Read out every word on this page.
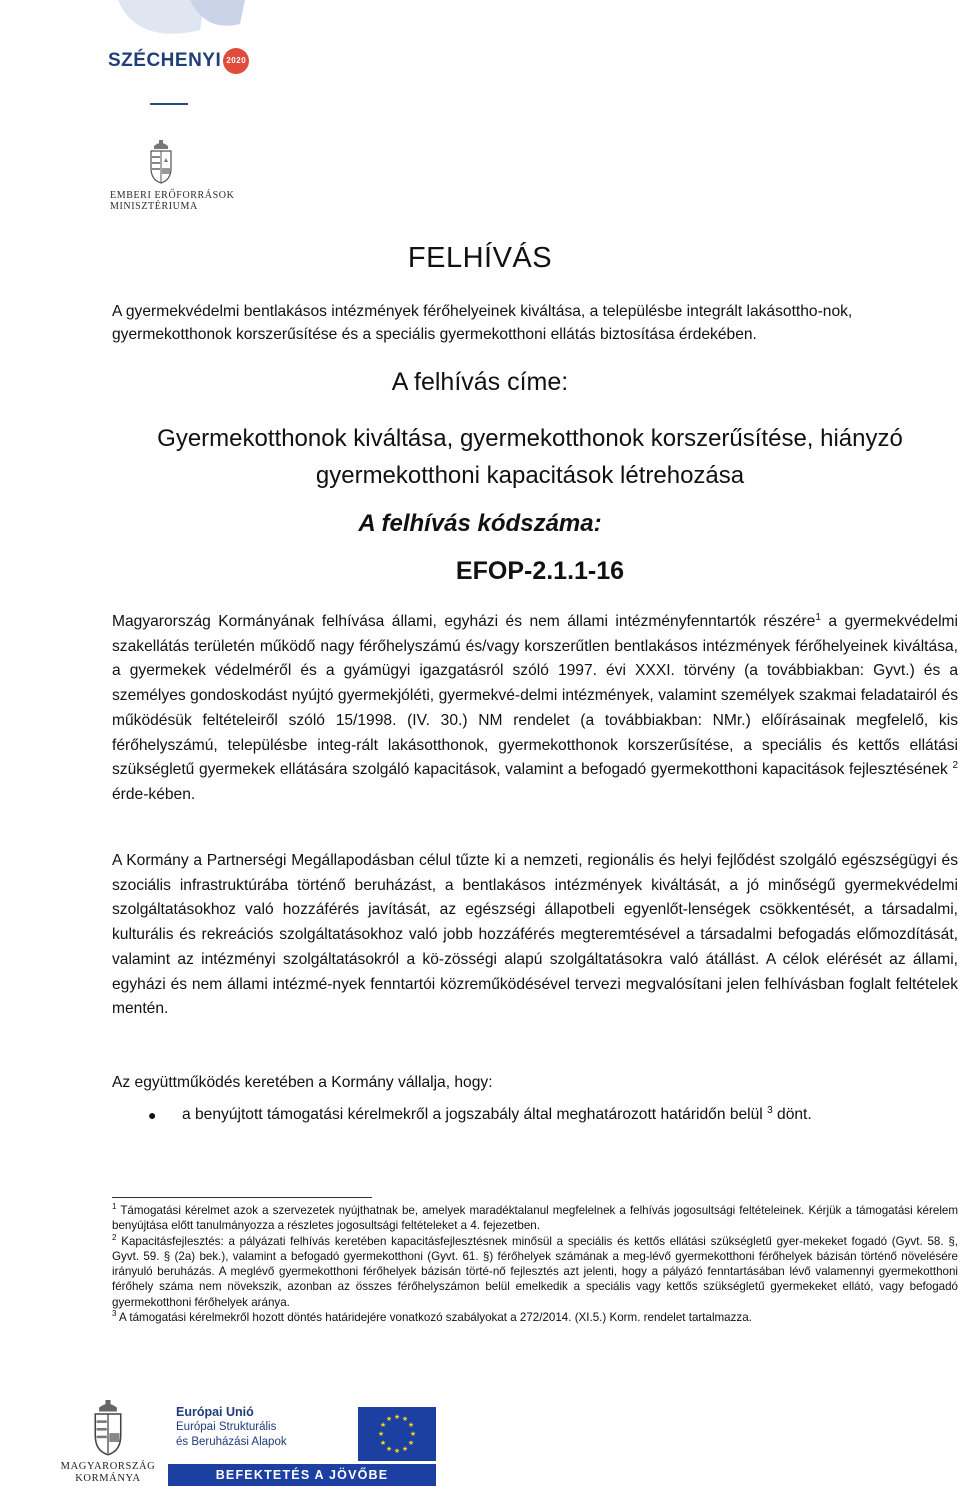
SZÉCHENYI 2020
EMBERI ERŐFORRÁSOK
MINISZTÉRIUMA
FELHÍVÁS
A gyermekvédelmi bentlakásos intézmények férőhelyeinek kiváltása, a településbe integrált lakásottho-nok, gyermekotthonok korszerűsítése és a speciális gyermekotthoni ellátás biztosítása érdekében.
A felhívás címe:
Gyermekotthonok kiváltása, gyermekotthonok korszerűsítése, hiányzó
gyermekotthoni kapacitások létrehozása
A felhívás kódszáma:
EFOP-2.1.1-16
Magyarország Kormányának felhívása állami, egyházi és nem állami intézményfenntartók részére$^1$ a gyermekvédelmi szakellátás területén működő nagy férőhelyszámú és/vagy korszerűtlen bentlakásos intézmények férőhelyeinek kiváltása, a gyermekek védelméről és a gyámügyi igazgatásról szóló 1997. évi XXXI. törvény (a továbbiakban: Gyvt.) és a személyes gondoskodást nyújtó gyermekjóléti, gyermekvé-delmi intézmények, valamint személyek szakmai feladatairól és működésük feltételeiről szóló 15/1998. (IV. 30.) NM rendelet (a továbbiakban: NMr.) előírásainak megfelelő, kis férőhelyszámú, településbe integ-rált lakásotthonok, gyermekotthonok korszerűsítése, a speciális és kettős ellátási szükségletű gyermekek ellátására szolgáló kapacitások, valamint a befogadó gyermekotthoni kapacitások fejlesztésének $^2$ érde-kében.
A Kormány a Partnerségi Megállapodásban célul tűzte ki a nemzeti, regionális és helyi fejlődést szolgáló egészségügyi és szociális infrastruktúrába történő beruházást, a bentlakásos intézmények kiváltását, a jó minőségű gyermekvédelmi szolgáltatásokhoz való hozzáférés javítását, az egészségi állapotbeli egyenlőt-lenségek csökkentését, a társadalmi, kulturális és rekreációs szolgáltatásokhoz való jobb hozzáférés megteremtésével a társadalmi befogadás előmozdítását, valamint az intézményi szolgáltatásokról a kö-zösségi alapú szolgáltatásokra való átállást. A célok elérését az állami, egyházi és nem állami intézmé-nyek fenntartói közreműködésével tervezi megvalósítani jelen felhívásban foglalt feltételek mentén.
Az együttműködés keretében a Kormány vállalja, hogy:
● a benyújtott támogatási kérelmekről a jogszabály által meghatározott határidőn belül $^3$ dönt.

$^1$ Támogatási kérelmet azok a szervezetek nyújthatnak be, amelyek maradéktalanul megfelelnek a felhívás jogosultsági feltételeinek. Kérjük a támogatási kérelem benyújtása előtt tanulmányozza a részletes jogosultsági feltételeket a 4. fejezetben.

$^2$ Kapacitásfejlesztés: a pályázati felhívás keretében kapacitásfejlesztésnek minősül a speciális és kettős ellátási szükségletű gyer-mekeket fogadó (Gyvt. 58. §, Gyvt. 59. § (2a) bek.), valamint a befogadó gyermekotthoni (Gyvt. 61. §) férőhelyek számának a meg-lévő gyermekotthoni férőhelyek bázisán történő növelésére irányuló beruházás. A meglévő gyermekotthoni férőhelyek bázisán törté-nő fejlesztés azt jelenti, hogy a pályázó fenntartásában lévő valamennyi gyermekotthoni férőhely száma nem növekszik, azonban az összes férőhelyszámon belül emelkedik a speciális vagy kettős szükségletű gyermekeket ellátó, vagy befogadó gyermekotthoni férőhelyek aránya.

$^3$ A támogatási kérelmekről hozott döntés határidejére vonatkozó szabályokat a 272/2014. (XI.5.) Korm. rendelet tartalmazza.

MAGYARORSZÁG
KORMÁNYA
Európai Unió
Európai Strukturális
és Beruházási Alapok
★ ★
★
★
★
★
★
★
★
★
★
★
BEFEKTETÉS A JÖVŐBE
